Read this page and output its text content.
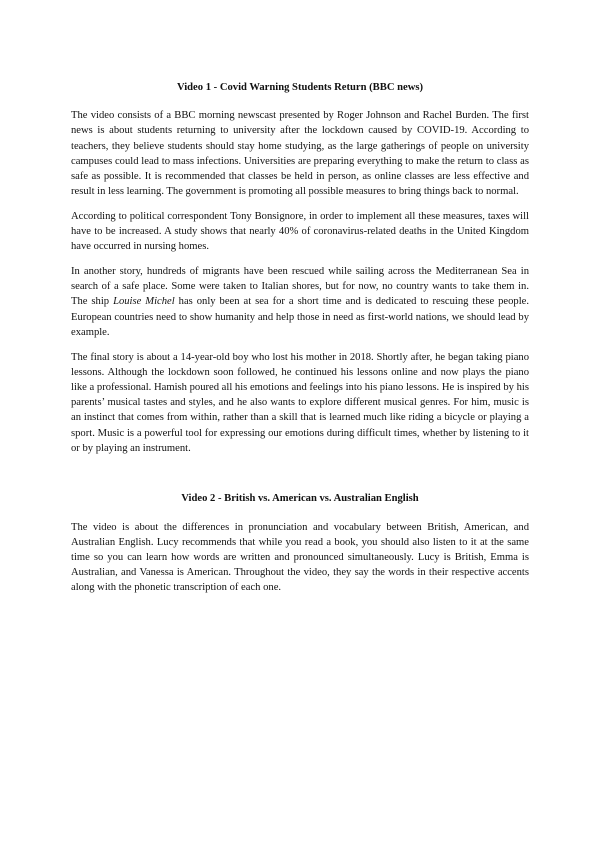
Video 1 - Covid Warning Students Return (BBC news)

The video consists of a BBC morning newscast presented by Roger Johnson and Rachel Burden. The first news is about students returning to university after the lockdown caused by COVID-19. According to teachers, they believe students should stay home studying, as the large gatherings of people on university campuses could lead to mass infections. Universities are preparing everything to make the return to class as safe as possible. It is recommended that classes be held in person, as online classes are less effective and result in less learning. The government is promoting all possible measures to bring things back to normal.

According to political correspondent Tony Bonsignore, in order to implement all these measures, taxes will have to be increased. A study shows that nearly 40% of coronavirus-related deaths in the United Kingdom have occurred in nursing homes.

In another story, hundreds of migrants have been rescued while sailing across the Mediterranean Sea in search of a safe place. Some were taken to Italian shores, but for now, no country wants to take them in. The ship Louise Michel has only been at sea for a short time and is dedicated to rescuing these people. European countries need to show humanity and help those in need as first-world nations, we should lead by example.

The final story is about a 14-year-old boy who lost his mother in 2018. Shortly after, he began taking piano lessons. Although the lockdown soon followed, he continued his lessons online and now plays the piano like a professional. Hamish poured all his emotions and feelings into his piano lessons. He is inspired by his parents’ musical tastes and styles, and he also wants to explore different musical genres. For him, music is an instinct that comes from within, rather than a skill that is learned much like riding a bicycle or playing a sport. Music is a powerful tool for expressing our emotions during difficult times, whether by listening to it or by playing an instrument.

Video 2 - British vs. American vs. Australian English

The video is about the differences in pronunciation and vocabulary between British, American, and Australian English. Lucy recommends that while you read a book, you should also listen to it at the same time so you can learn how words are written and pronounced simultaneously. Lucy is British, Emma is Australian, and Vanessa is American. Throughout the video, they say the words in their respective accents along with the phonetic transcription of each one.
